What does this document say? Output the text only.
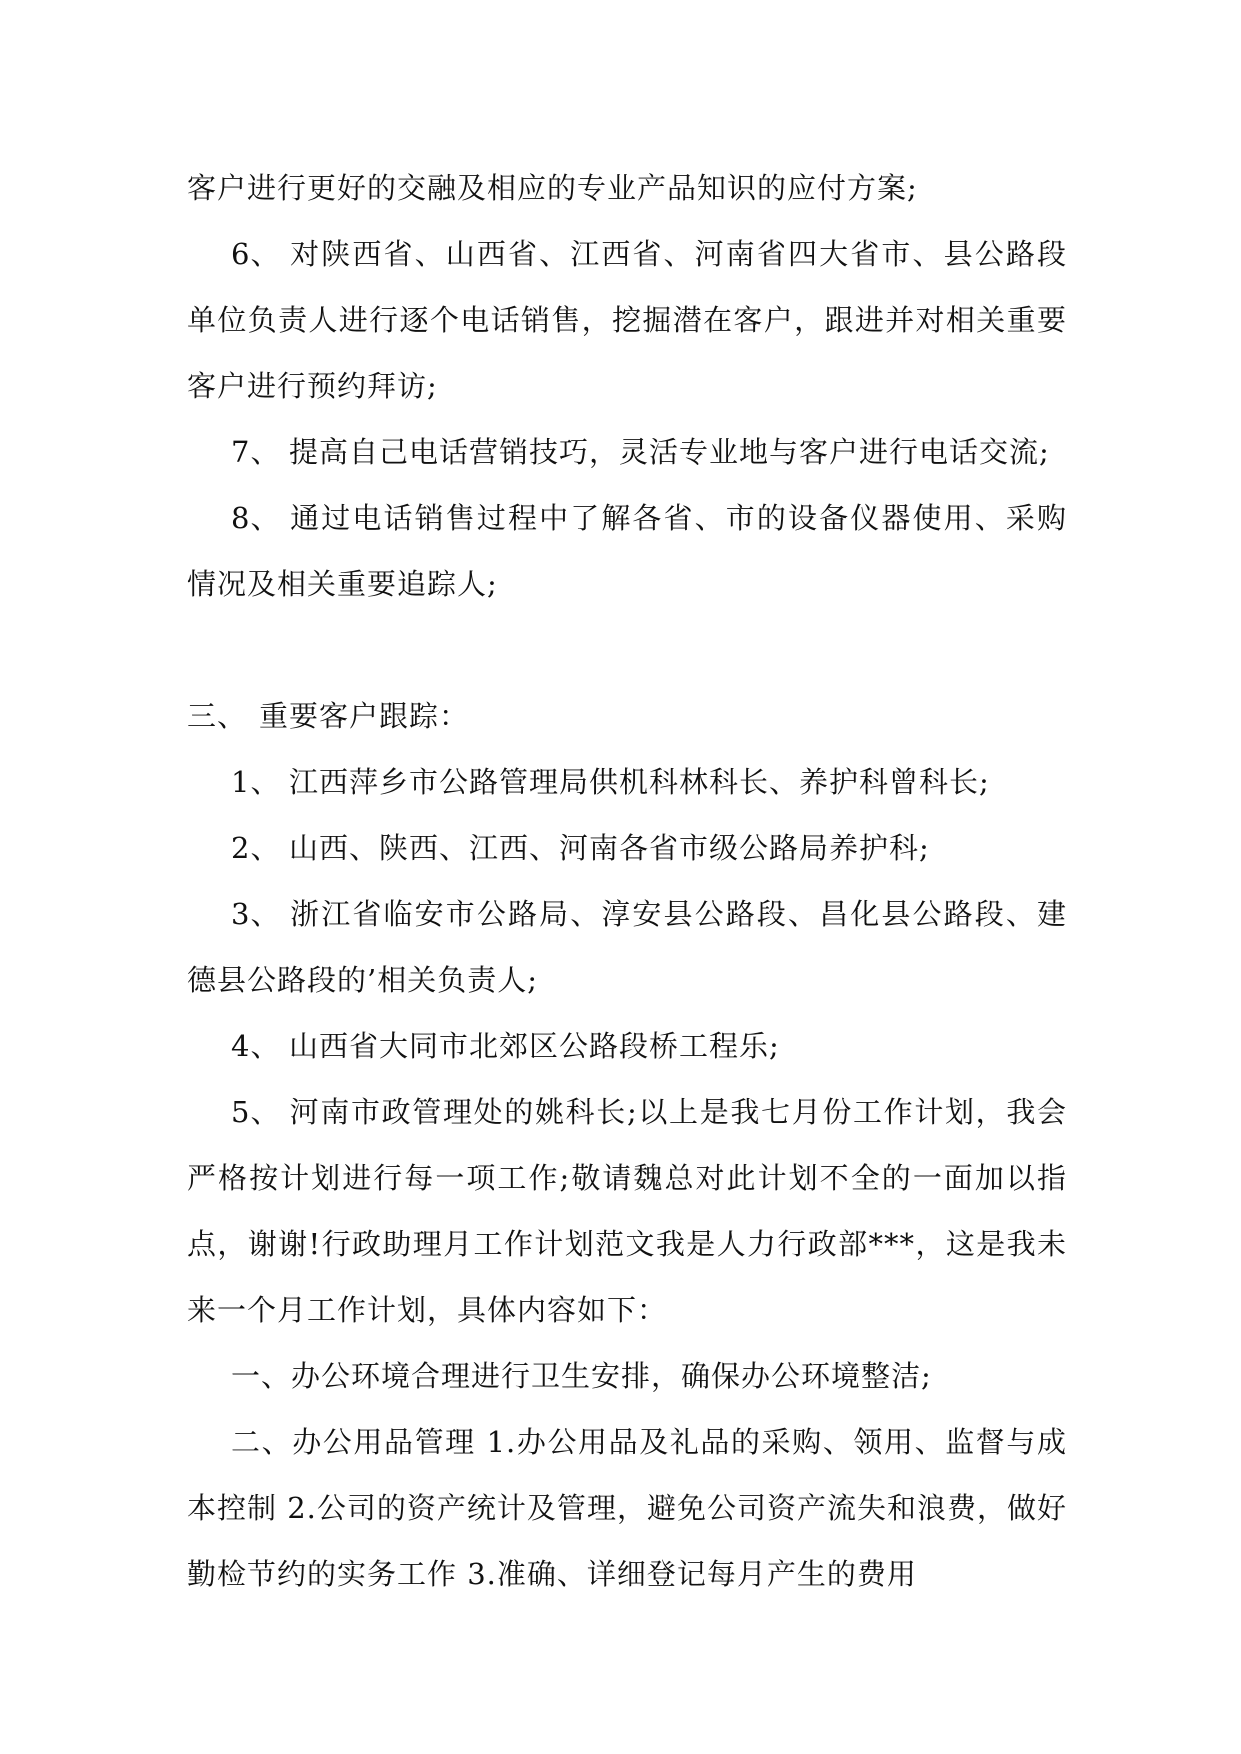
客户进行更好的交融及相应的专业产品知识的应付方案;

6、 对陕西省、山西省、江西省、河南省四大省市、县公路段单位负责人进行逐个电话销售，挖掘潜在客户，跟进并对相关重要客户进行预约拜访;

7、 提高自己电话营销技巧，灵活专业地与客户进行电话交流;

8、 通过电话销售过程中了解各省、市的设备仪器使用、采购情况及相关重要追踪人;

三、 重要客户跟踪：

1、 江西萍乡市公路管理局供机科林科长、养护科曾科长;

2、 山西、陕西、江西、河南各省市级公路局养护科;

3、 浙江省临安市公路局、淳安县公路段、昌化县公路段、建德县公路段的’相关负责人;

4、 山西省大同市北郊区公路段桥工程乐;

5、 河南市政管理处的姚科长;以上是我七月份工作计划，我会严格按计划进行每一项工作;敬请魏总对此计划不全的一面加以指点，谢谢!行政助理月工作计划范文我是人力行政部***，这是我未来一个月工作计划，具体内容如下：

一、办公环境合理进行卫生安排，确保办公环境整洁;

二、办公用品管理 1.办公用品及礼品的采购、领用、监督与成本控制 2.公司的资产统计及管理，避免公司资产流失和浪费，做好勤检节约的实务工作 3.准确、详细登记每月产生的费用
